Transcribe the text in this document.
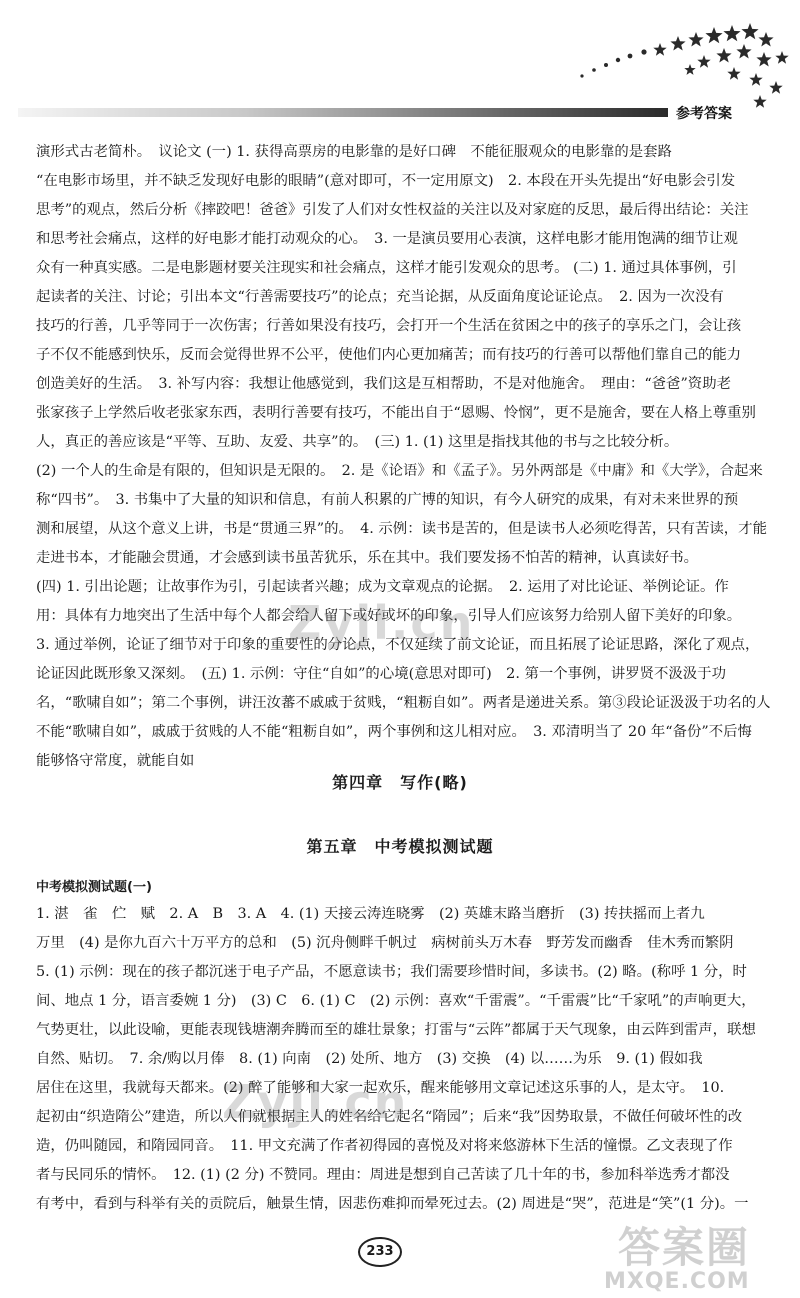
参考答案
演形式古老简朴。　议论文 (一) 1. 获得高票房的电影靠的是好口碑　不能征服观众的电影靠的是套路
“在电影市场里，并不缺乏发现好电影的眼睛”(意对即可，不一定用原文)　2. 本段在开头先提出“好电影会引发
思考”的观点，然后分析《摔跤吧！爸爸》引发了人们对女性权益的关注以及对家庭的反思，最后得出结论：关注
和思考社会痛点，这样的好电影才能打动观众的心。　3. 一是演员要用心表演，这样电影才能用饱满的细节让观
众有一种真实感。二是电影题材要关注现实和社会痛点，这样才能引发观众的思考。 (二) 1. 通过具体事例，引
起读者的关注、讨论；引出本文“行善需要技巧”的论点；充当论据，从反面角度论证论点。　2. 因为一次没有
技巧的行善，几乎等同于一次伤害；行善如果没有技巧，会打开一个生活在贫困之中的孩子的享乐之门，会让孩
子不仅不能感到快乐，反而会觉得世界不公平，使他们内心更加痛苦；而有技巧的行善可以帮他们靠自己的能力
创造美好的生活。　3. 补写内容：我想让他感觉到，我们这是互相帮助，不是对他施舍。　理由：“爸爸”资助老
张家孩子上学然后收老张家东西，表明行善要有技巧，不能出自于“恩赐、怜悯”，更不是施舍，要在人格上尊重别
人，真正的善应该是“平等、互助、友爱、共享”的。　(三) 1. (1) 这里是指找其他的书与之比较分析。
(2) 一个人的生命是有限的，但知识是无限的。　2. 是《论语》和《孟子》。另外两部是《中庸》和《大学》，合起来
称“四书”。　3. 书集中了大量的知识和信息，有前人积累的广博的知识，有今人研究的成果，有对未来世界的预
测和展望，从这个意义上讲，书是“贯通三界”的。　4. 示例：读书是苦的，但是读书人必须吃得苦，只有苦读，才能
走进书本，才能融会贯通，才会感到读书虽苦犹乐，乐在其中。我们要发扬不怕苦的精神，认真读好书。
(四) 1. 引出论题；让故事作为引，引起读者兴趣；成为文章观点的论据。　2. 运用了对比论证、举例论证。作
用：具体有力地突出了生活中每个人都会给人留下或好或坏的印象，引导人们应该努力给别人留下美好的印象。
3. 通过举例，论证了细节对于印象的重要性的分论点，不仅延续了前文论证，而且拓展了论证思路，深化了观点，
论证因此既形象又深刻。　(五) 1. 示例：守住“自如”的心境(意思对即可)　2. 第一个事例，讲罗贤不汲汲于功
名，“歌啸自如”；第二个事例，讲汪汝蕃不戚戚于贫贱，“粗粝自如”。两者是递进关系。第③段论证汲汲于功名的人
不能“歌啸自如”，戚戚于贫贱的人不能“粗粝自如”，两个事例和这儿相对应。　3. 邓清明当了 20 年“备份”不后悔
能够恪守常度，就能自如
第四章　写作(略)
第五章　中考模拟测试题
中考模拟测试题(一)
1. 湛　雀　伫　赋　2. A　B　3. A　4. (1) 天接云涛连晓雾　(2) 英雄末路当磨折　(3) 抟扶摇而上者九
万里　(4) 是你九百六十万平方的总和　(5) 沉舟侧畔千帆过　病树前头万木春　野芳发而幽香　佳木秀而繁阴
5. (1) 示例：现在的孩子都沉迷于电子产品，不愿意读书；我们需要珍惜时间，多读书。(2) 略。(称呼 1 分，时
间、地点 1 分，语言委婉 1 分)　(3) C　6. (1) C　(2) 示例：喜欢“千雷震”。“千雷震”比“千家吼”的声响更大，
气势更壮，以此设喻，更能表现钱塘潮奔腾而至的雄壮景象；打雷与“云阵”都属于天气现象，由云阵到雷声，联想
自然、贴切。　7. 余/购以月俸　8. (1) 向南　(2) 处所、地方　(3) 交换　(4) 以……为乐　9. (1) 假如我
居住在这里，我就每天都来。(2) 醉了能够和大家一起欢乐，醒来能够用文章记述这乐事的人，是太守。　10.
起初由“织造隋公”建造，所以人们就根据主人的姓名给它起名“隋园”；后来“我”因势取景，不做任何破坏性的改
造，仍叫随园，和隋园同音。　11. 甲文充满了作者初得园的喜悦及对将来悠游林下生活的憧憬。乙文表现了作
者与民同乐的情怀。　12. (1) (2 分) 不赞同。理由：周进是想到自己苦读了几十年的书，参加科举选秀才都没
有考中，看到与科举有关的贡院后，触景生情，因悲伤难抑而晕死过去。(2) 周进是“哭”，范进是“笑”(1 分)。一
Zyjl.cn
Zyjl.cn
233	答案圈
MXQE.COM
